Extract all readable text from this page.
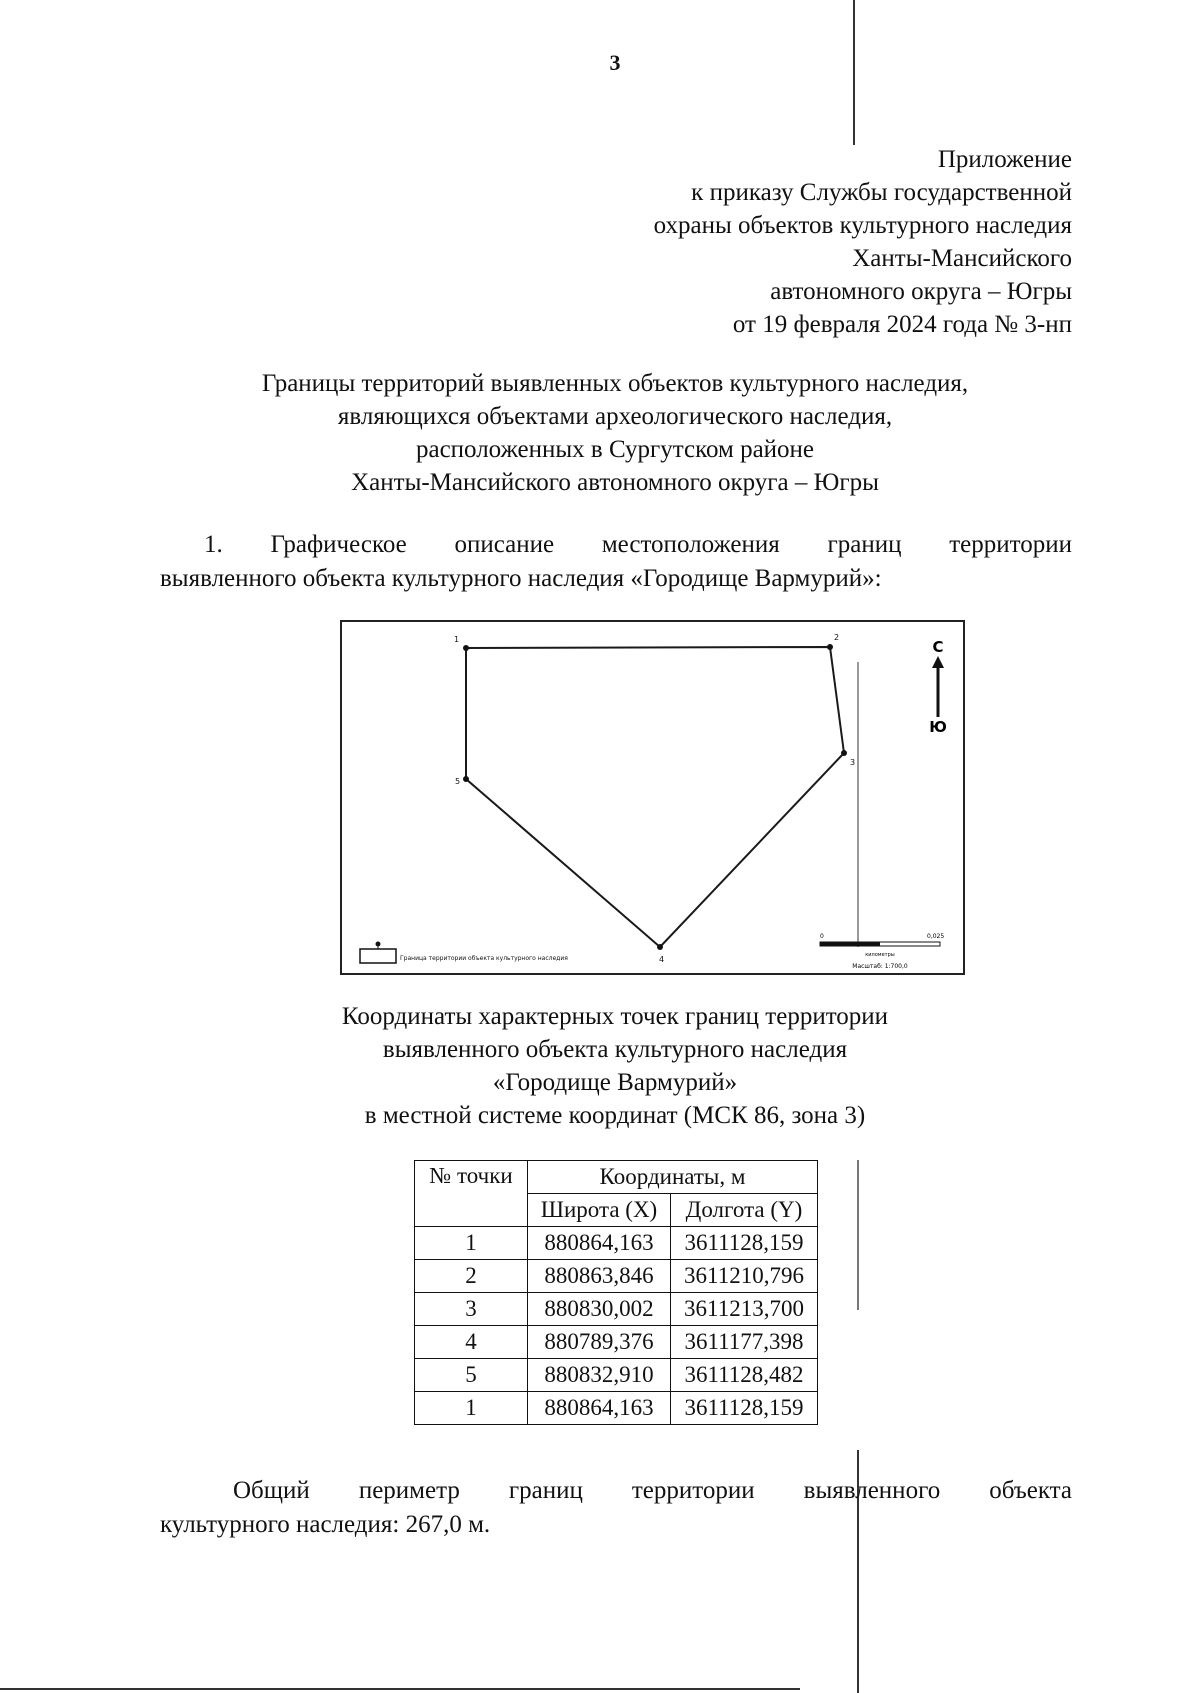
3
Приложение
к приказу Службы государственной
охраны объектов культурного наследия
Ханты-Мансийского
автономного округа – Югры
от 19 февраля 2024 года № 3-нп
Границы территорий выявленных объектов культурного наследия,
являющихся объектами археологического наследия,
расположенных в Сургутском районе
Ханты-Мансийского автономного округа – Югры
1. Графическое описание местоположения границ территории
выявленного объекта культурного наследия «Городище Вармурий»:
1	2
3
4
5
С
Ю
Граница территории объекта культурного наследия
0	0,025
километры
Масштаб: 1:700,0
Координаты характерных точек границ территории
выявленного объекта культурного наследия
«Городище Вармурий»
в местной системе координат (МСК 86, зона 3)
№ точки	Координаты, м	
	Широта (X)	Долгота (Y)
1	880864,163	3611128,159
2	880863,846	3611210,796
3	880830,002	3611213,700
4	880789,376	3611177,398
5	880832,910	3611128,482
1	880864,163	3611128,159
Общий периметр границ территории выявленного объекта
культурного наследия: 267,0 м.
